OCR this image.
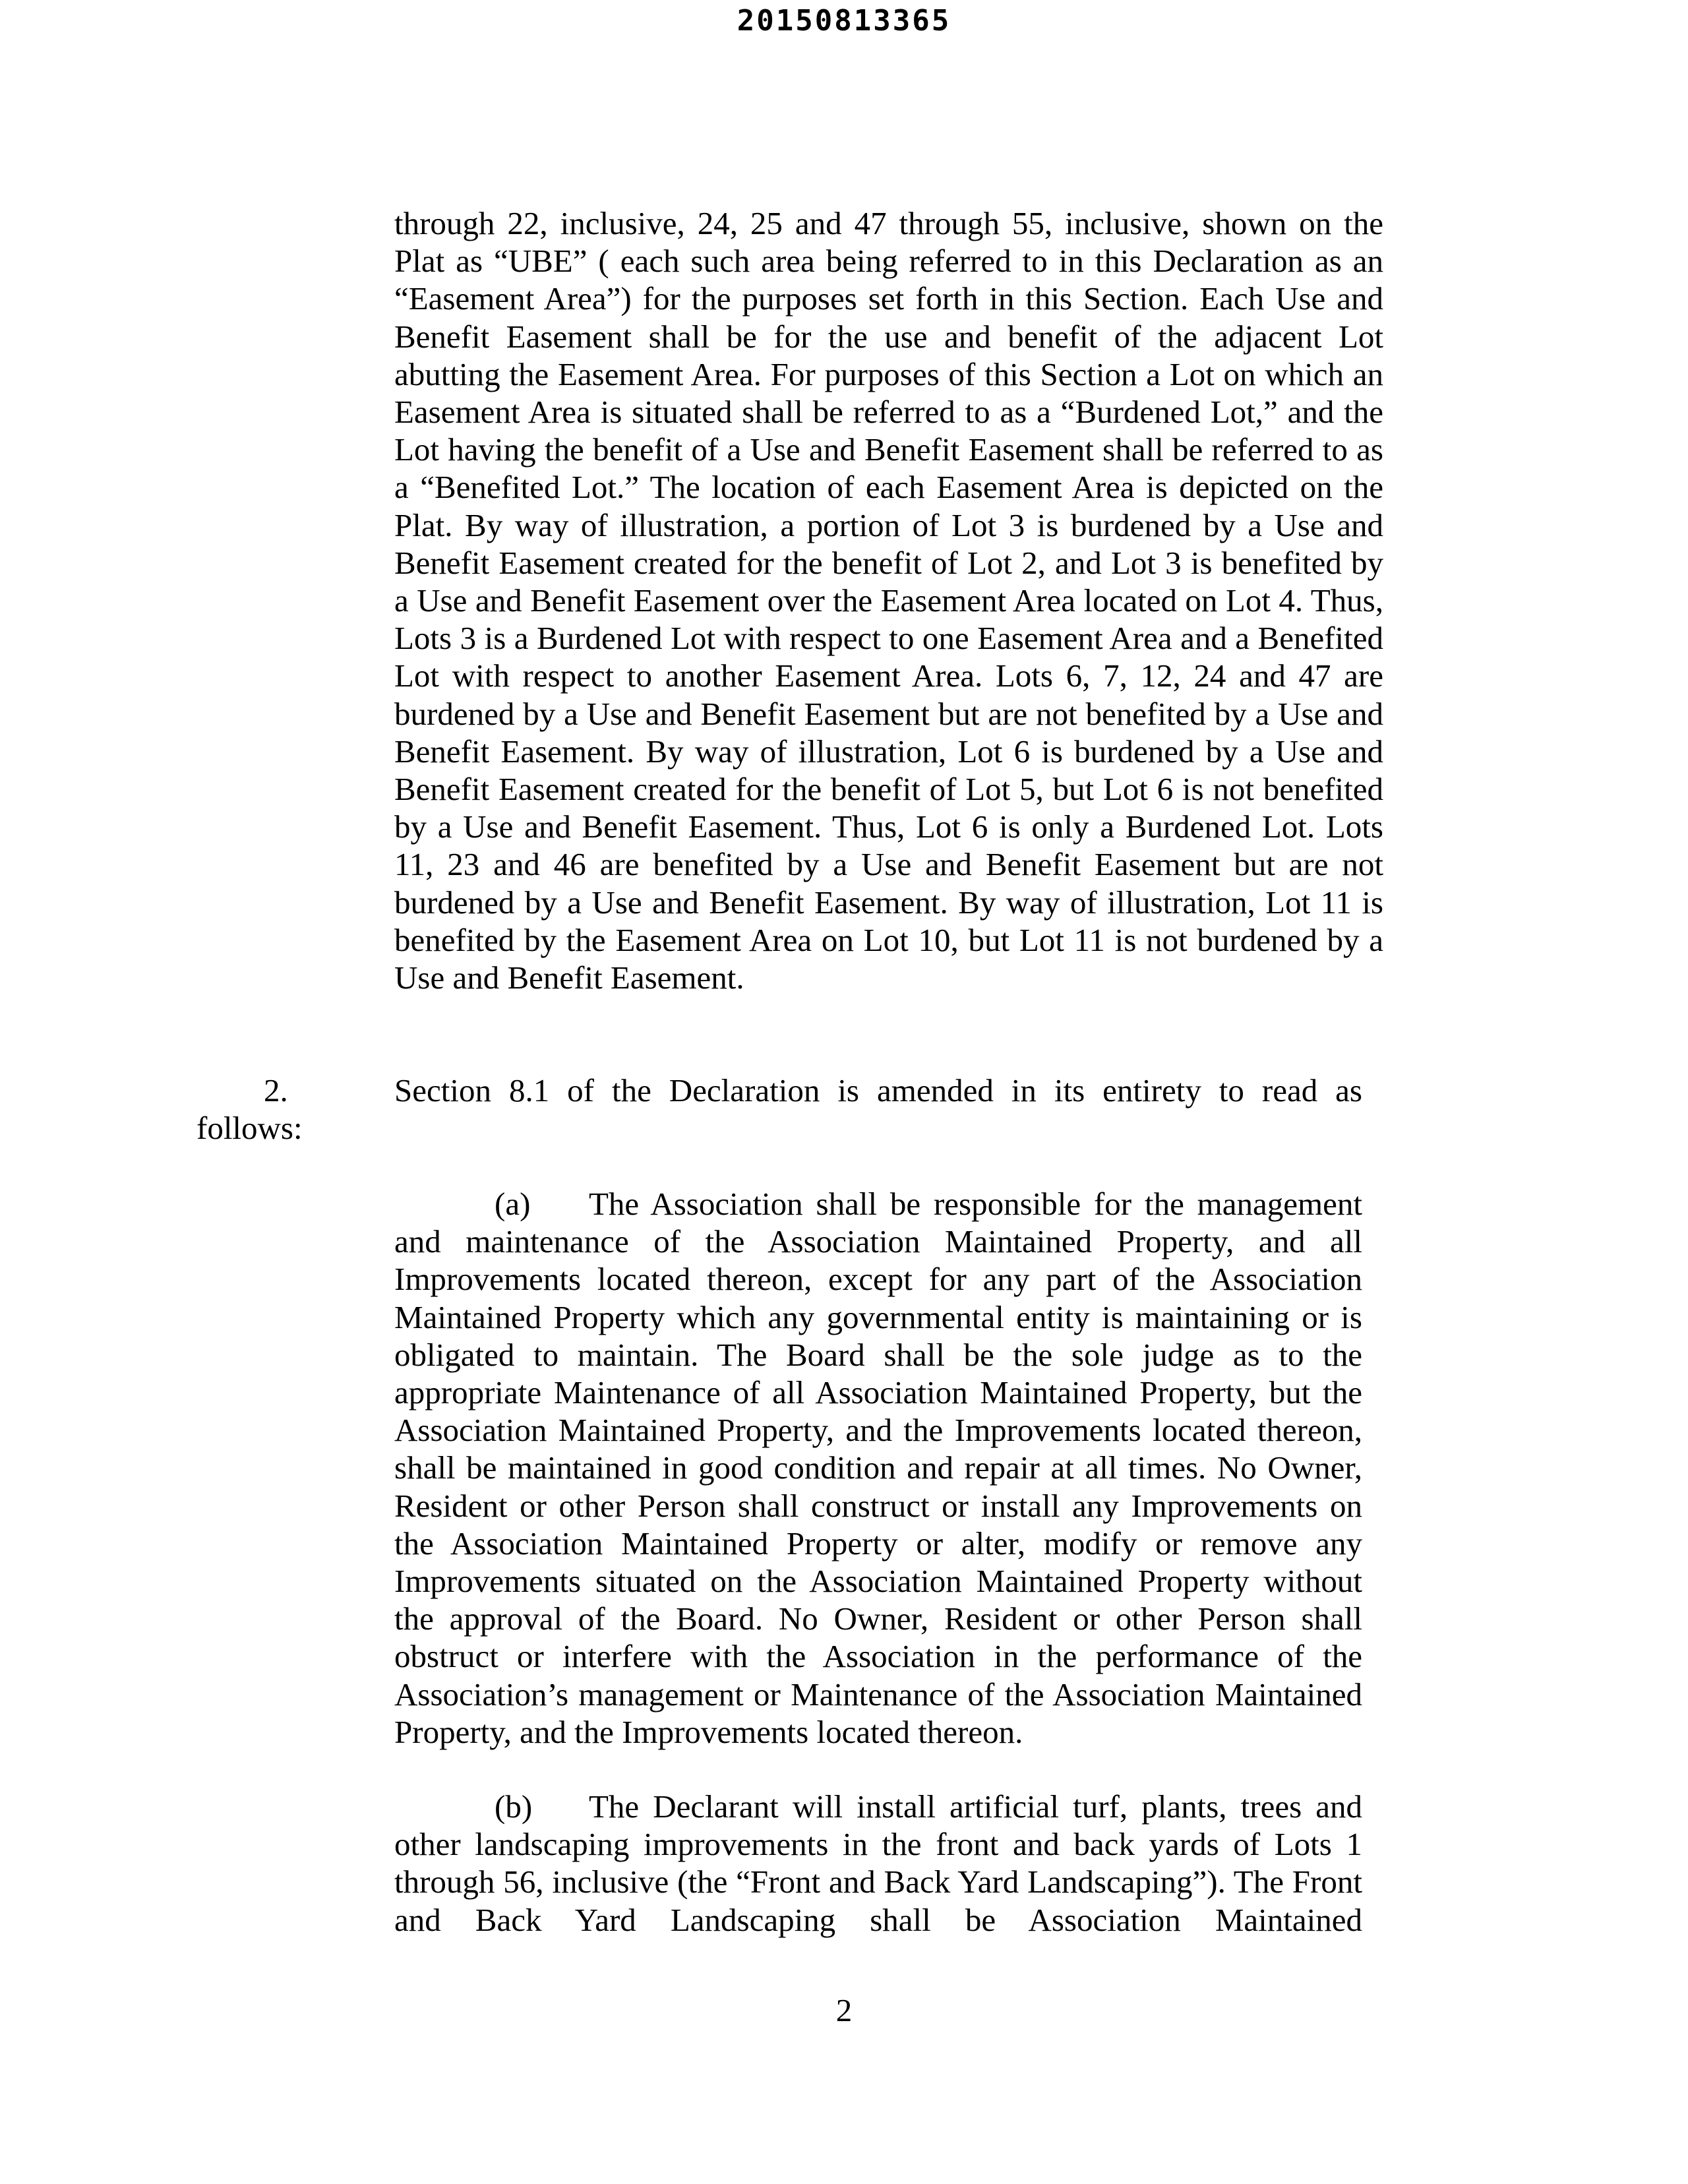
20150813365

through 22, inclusive, 24, 25 and 47 through 55, inclusive, shown on the Plat as “UBE” ( each such area being referred to in this Declaration as an “Easement Area”) for the purposes set forth in this Section. Each Use and Benefit Easement shall be for the use and benefit of the adjacent Lot abutting the Easement Area. For purposes of this Section a Lot on which an Easement Area is situated shall be referred to as a “Burdened Lot,” and the Lot having the benefit of a Use and Benefit Easement shall be referred to as a “Benefited Lot.” The location of each Easement Area is depicted on the Plat. By way of illustration, a portion of Lot 3 is burdened by a Use and Benefit Easement created for the benefit of Lot 2, and Lot 3 is benefited by a Use and Benefit Easement over the Easement Area located on Lot 4. Thus, Lots 3 is a Burdened Lot with respect to one Easement Area and a Benefited Lot with respect to another Easement Area. Lots 6, 7, 12, 24 and 47 are burdened by a Use and Benefit Easement but are not benefited by a Use and Benefit Easement. By way of illustration, Lot 6 is burdened by a Use and Benefit Easement created for the benefit of Lot 5, but Lot 6 is not benefited by a Use and Benefit Easement. Thus, Lot 6 is only a Burdened Lot. Lots 11, 23 and 46 are benefited by a Use and Benefit Easement but are not burdened by a Use and Benefit Easement. By way of illustration, Lot 11 is benefited by the Easement Area on Lot 10, but Lot 11 is not burdened by a Use and Benefit Easement.

2.	Section 8.1 of the Declaration is amended in its entirety to read as
follows:

(a) The Association shall be responsible for the management and maintenance of the Association Maintained Property, and all Improvements located thereon, except for any part of the Association Maintained Property which any governmental entity is maintaining or is obligated to maintain. The Board shall be the sole judge as to the appropriate Maintenance of all Association Maintained Property, but the Association Maintained Property, and the Improvements located thereon, shall be maintained in good condition and repair at all times. No Owner, Resident or other Person shall construct or install any Improvements on the Association Maintained Property or alter, modify or remove any Improvements situated on the Association Maintained Property without the approval of the Board. No Owner, Resident or other Person shall obstruct or interfere with the Association in the performance of the Association’s management or Maintenance of the Association Maintained Property, and the Improvements located thereon.

(b) The Declarant will install artificial turf, plants, trees and other landscaping improvements in the front and back yards of Lots 1 through 56, inclusive (the “Front and Back Yard Landscaping”). The Front and Back Yard Landscaping shall be Association Maintained

2
